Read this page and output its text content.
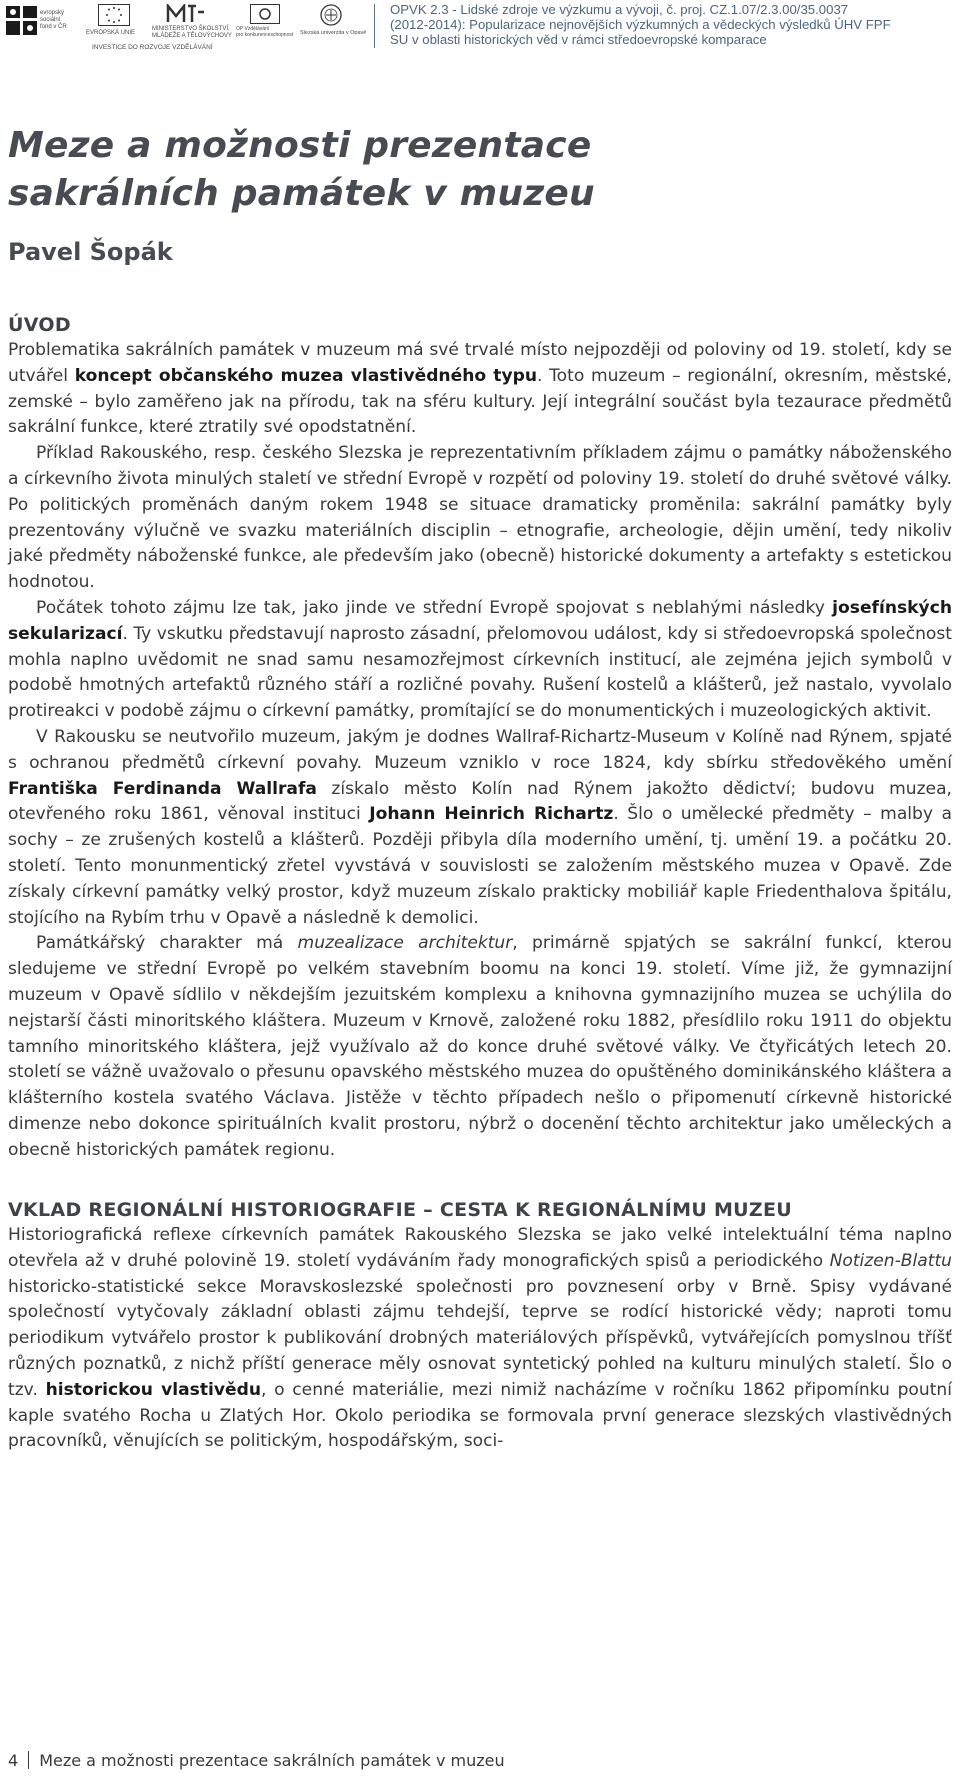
evropský
sociální
fond v ČR
EVROPSKÁ UNIE
MINISTERSTVO ŠKOLSTVÍ,
MLÁDEŽE A TĚLOVÝCHOVY
OP Vzdělávání
pro konkurenceschopnost Slezská univerzita v Opavě
INVESTICE DO ROZVOJE VZDĚLÁVÁNÍ
OPVK 2.3 - Lidské zdroje ve výzkumu a vývoji, č. proj. CZ.1.07/2.3.00/35.0037
(2012-2014): Popularizace nejnovějších výzkumných a vědeckých výsledků ÚHV FPF
SU v oblasti historických věd v rámci středoevropské komparace
Meze a možnosti prezentace
sakrálních památek v muzeu
Pavel Šopák
ÚVOD

Problematika sakrálních památek v muzeum má své trvalé místo nejpozději od poloviny od 19. století, kdy se utvářel koncept občanského muzea vlastivědného typu. Toto muzeum – regionální, okresním, městské, zemské – bylo zaměřeno jak na přírodu, tak na sféru kultury. Její integrální součást byla tezaurace předmětů sakrální funkce, které ztratily své opodstatnění.

Příklad Rakouského, resp. českého Slezska je reprezentativním příkladem zájmu o památky náboženského a církevního života minulých staletí ve střední Evropě v rozpětí od poloviny 19. století do druhé světové války. Po politických proměnách daným rokem 1948 se situace dramaticky proměnila: sakrální památky byly prezentovány výlučně ve svazku materiálních disciplin – etnografie, archeologie, dějin umění, tedy nikoliv jaké předměty náboženské funkce, ale především jako (obecně) historické dokumenty a artefakty s estetickou hodnotou.

Počátek tohoto zájmu lze tak, jako jinde ve střední Evropě spojovat s neblahými následky josefínských sekularizací. Ty vskutku představují naprosto zásadní, přelomovou událost, kdy si středoevropská společnost mohla naplno uvědomit ne snad samu nesamozřejmost církevních institucí, ale zejména jejich symbolů v podobě hmotných artefaktů různého stáří a rozličné povahy. Rušení kostelů a klášterů, jež nastalo, vyvolalo protireakci v podobě zájmu o církevní památky, promítající se do monumentických i muzeologických aktivit.

V Rakousku se neutvořilo muzeum, jakým je dodnes Wallraf-Richartz-Museum v Kolíně nad Rýnem, spjaté s ochranou předmětů církevní povahy. Muzeum vzniklo v roce 1824, kdy sbírku středověkého umění Františka Ferdinanda Wallrafa získalo město Kolín nad Rýnem jakožto dědictví; budovu muzea, otevřeného roku 1861, věnoval instituci Johann Heinrich Richartz. Šlo o umělecké předměty – malby a sochy – ze zrušených kostelů a klášterů. Později přibyla díla moderního umění, tj. umění 19. a počátku 20. století. Tento monunmentický zřetel vyvstává v souvislosti se založením městského muzea v Opavě. Zde získaly církevní památky velký prostor, když muzeum získalo prakticky mobiliář kaple Friedenthalova špitálu, stojícího na Rybím trhu v Opavě a následně k demolici.

Památkářský charakter má muzealizace architektur, primárně spjatých se sakrální funkcí, kterou sledujeme ve střední Evropě po velkém stavebním boomu na konci 19. století. Víme již, že gymnazijní muzeum v Opavě sídlilo v někdejším jezuitském komplexu a knihovna gymnazijního muzea se uchýlila do nejstarší části minoritského kláštera. Muzeum v Krnově, založené roku 1882, přesídlilo roku 1911 do objektu tamního minoritského kláštera, jejž využívalo až do konce druhé světové války. Ve čtyřicátých letech 20. století se vážně uvažovalo o přesunu opavského městského muzea do opuštěného dominikánského kláštera a klášterního kostela svatého Václava. Jistěže v těchto případech nešlo o připomenutí církevně historické dimenze nebo dokonce spirituálních kvalit prostoru, nýbrž o docenění těchto architektur jako uměleckých a obecně historických památek regionu.

VKLAD REGIONÁLNÍ HISTORIOGRAFIE – CESTA K REGIONÁLNÍMU MUZEU

Historiografická reflexe církevních památek Rakouského Slezska se jako velké intelektuální téma naplno otevřela až v druhé polovině 19. století vydáváním řady monografických spisů a periodického Notizen-Blattu historicko-statistické sekce Moravskoslezské společnosti pro povznesení orby v Brně. Spisy vydávané společností vytyčovaly základní oblasti zájmu tehdejší, teprve se rodící historické vědy; naproti tomu periodikum vytvářelo prostor k publikování drobných materiálových příspěvků, vytvářejících pomyslnou tříšť různých poznatků, z nichž příští generace měly osnovat syntetický pohled na kulturu minulých staletí. Šlo o tzv. historickou vlastivědu, o cenné materiálie, mezi nimiž nacházíme v ročníku 1862 připomínku poutní kaple svatého Rocha u Zlatých Hor. Okolo periodika se formovala první generace slezských vlastivědných pracovníků, věnujících se politickým, hospodářským, soci-

4 Meze a možnosti prezentace sakrálních památek v muzeu
